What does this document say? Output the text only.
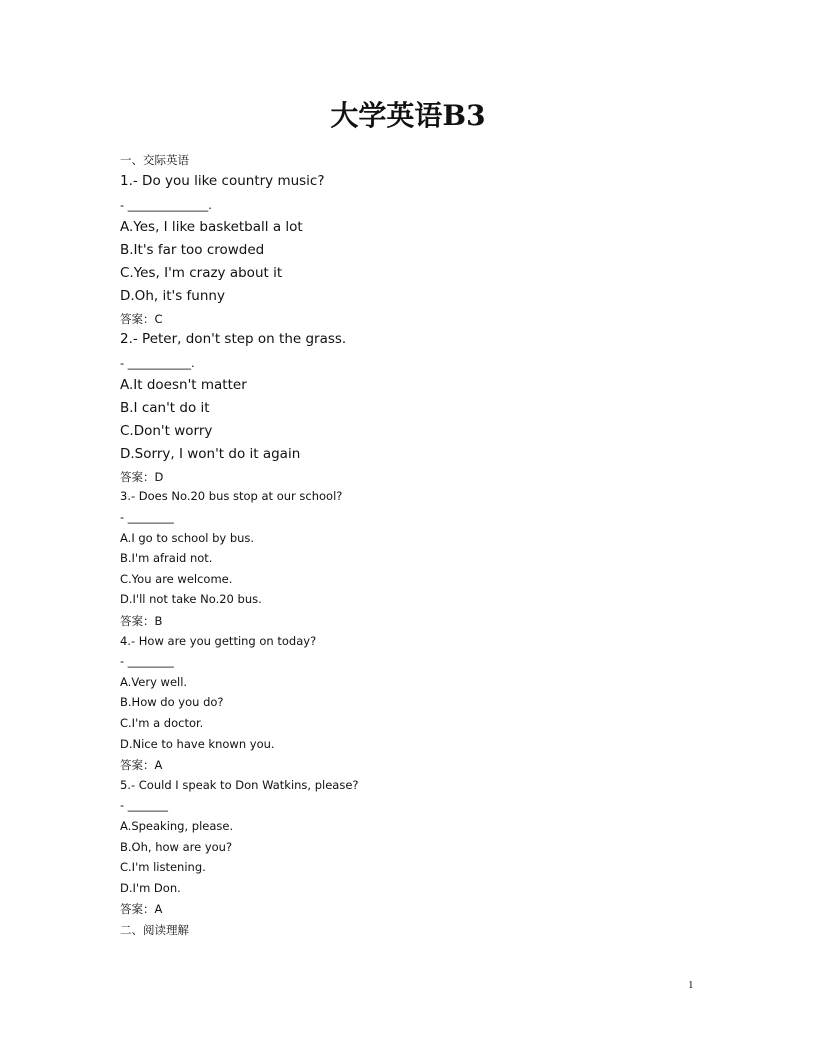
大学英语B3
一、交际英语
1.- Do you like country music?
- ______________.
A.Yes, I like basketball a lot
B.It's far too crowded
C.Yes, I'm crazy about it
D.Oh, it's funny
答案：C
2.- Peter, don't step on the grass.
- ___________.
A.It doesn't matter
B.I can't do it
C.Don't worry
D.Sorry, I won't do it again
答案：D
3.- Does No.20 bus stop at our school?
- ________
A.I go to school by bus.
B.I'm afraid not.
C.You are welcome.
D.I'll not take No.20 bus.
答案：B
4.- How are you getting on today?
- ________
A.Very well.
B.How do you do?
C.I'm a doctor.
D.Nice to have known you.
答案：A
5.- Could I speak to Don Watkins, please?
- _______
A.Speaking, please.
B.Oh, how are you?
C.I'm listening.
D.I'm Don.
答案：A
二、阅读理解
1
